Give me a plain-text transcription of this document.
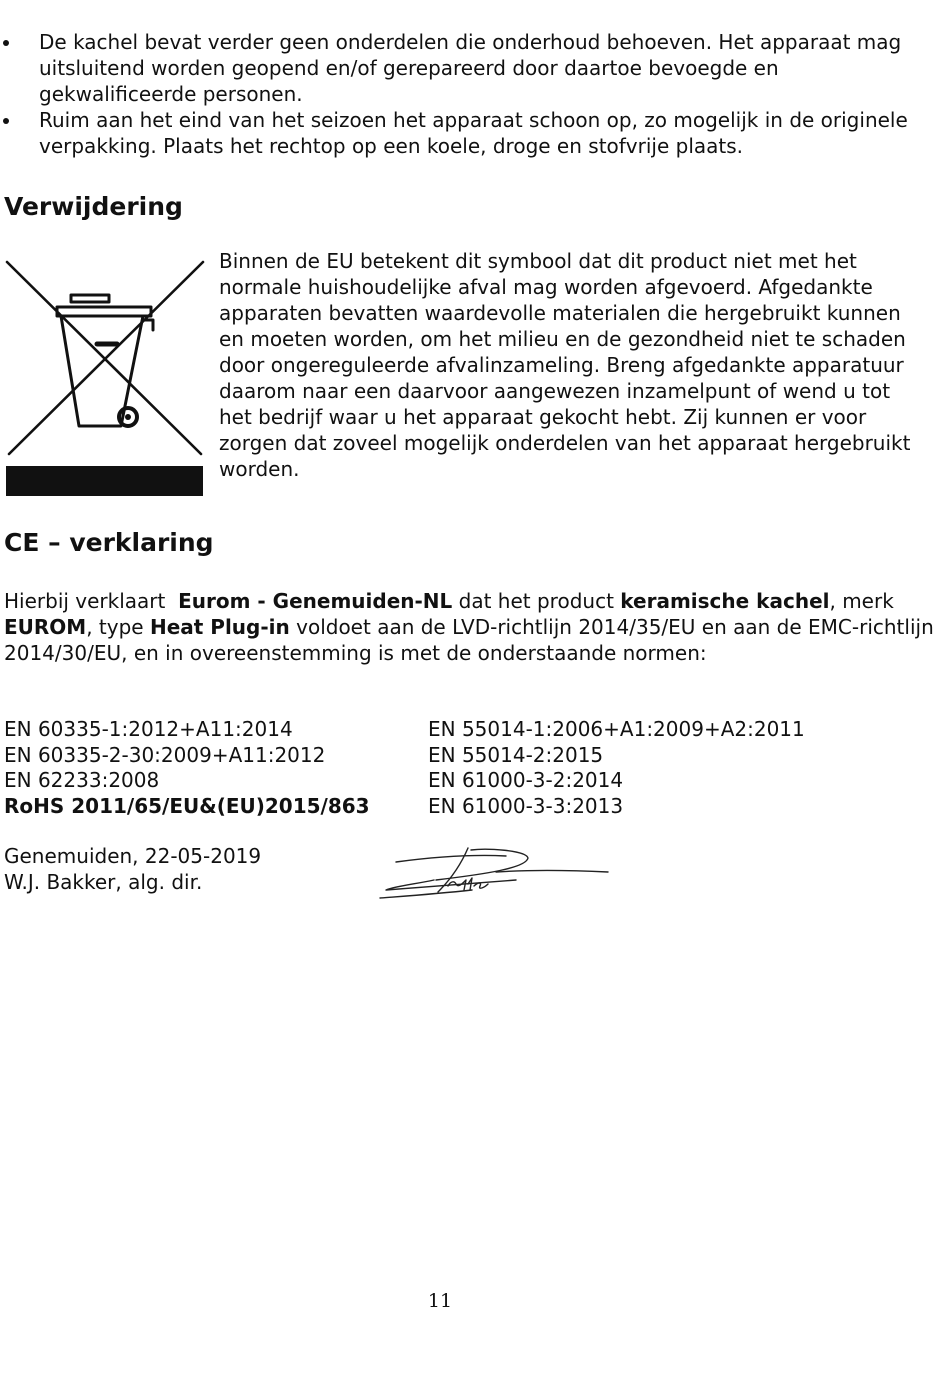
De kachel bevat verder geen onderdelen die onderhoud behoeven. Het apparaat mag uitsluitend worden geopend en/of gerepareerd door daartoe bevoegde en gekwalificeerde personen.
Ruim aan het eind van het seizoen het apparaat schoon op, zo mogelijk in de originele verpakking. Plaats het rechtop op een koele, droge en stofvrije plaats.
Verwijdering
Binnen de EU betekent dit symbool dat dit product niet met het normale huishoudelijke afval mag worden afgevoerd. Afgedankte apparaten bevatten waardevolle materialen die hergebruikt kunnen en moeten worden, om het milieu en de gezondheid niet te schaden door ongereguleerde afvalinzameling. Breng afgedankte apparatuur daarom naar een daarvoor aangewezen inzamelpunt of wend u tot het bedrijf waar u het apparaat gekocht hebt. Zij kunnen er voor zorgen dat zoveel mogelijk onderdelen van het apparaat hergebruikt worden.
CE – verklaring
Hierbij verklaart  Eurom - Genemuiden-NL dat het product keramische kachel, merk EUROM, type Heat Plug-in voldoet aan de LVD-richtlijn 2014/35/EU en aan de EMC-richtlijn 2014/30/EU, en in overeenstemming is met de onderstaande normen:
EN 60335-1:2012+A11:2014
EN 60335-2-30:2009+A11:2012
EN 62233:2008
RoHS 2011/65/EU&(EU)2015/863
EN 55014-1:2006+A1:2009+A2:2011
EN 55014-2:2015
EN 61000-3-2:2014
EN 61000-3-3:2013
Genemuiden, 22-05-2019
W.J. Bakker, alg. dir.
11
